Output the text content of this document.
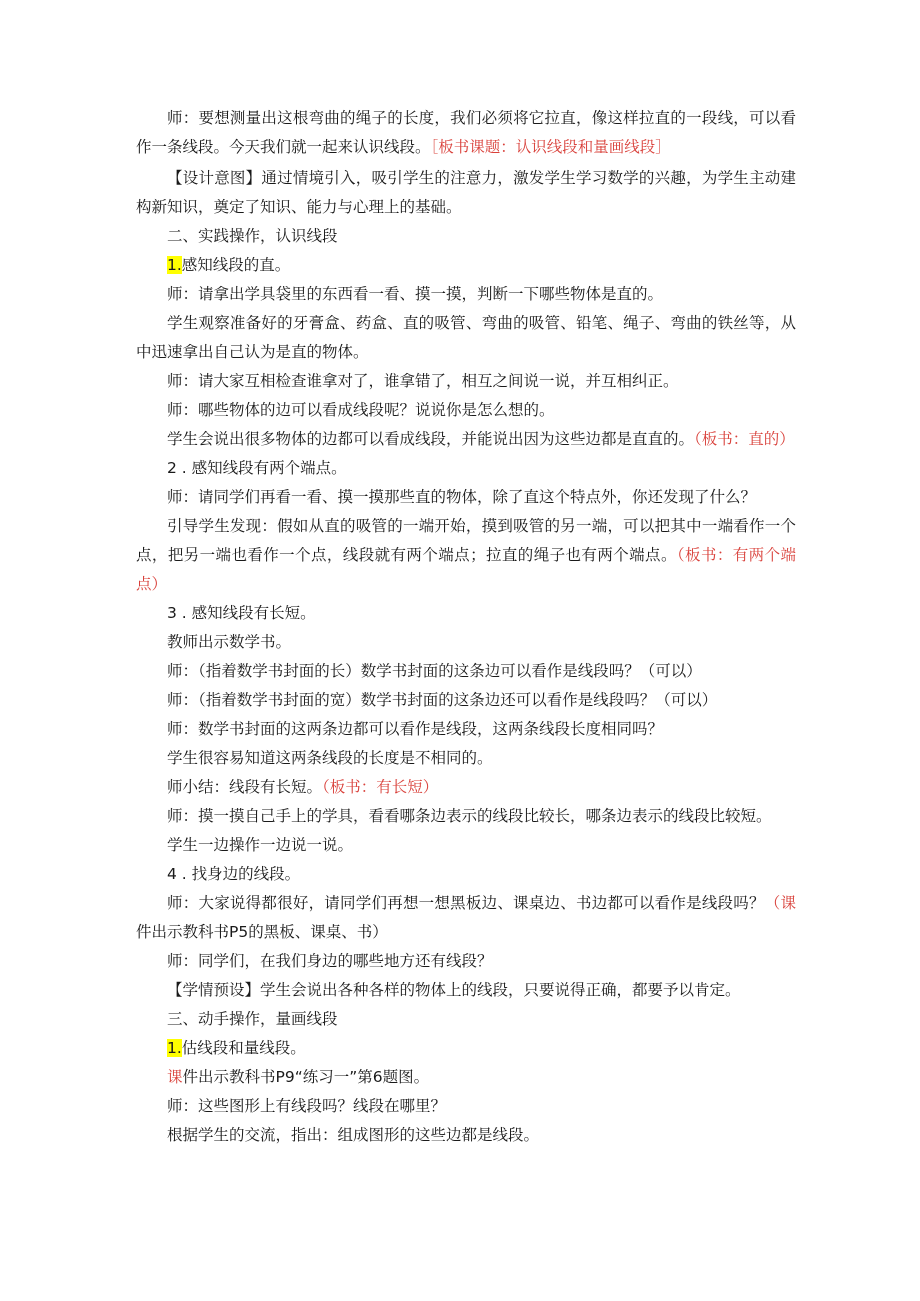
师：要想测量出这根弯曲的绳子的长度，我们必须将它拉直，像这样拉直的一段线，可以看作一条线段。今天我们就一起来认识线段。［板书课题：认识线段和量画线段］

【设计意图】通过情境引入，吸引学生的注意力，激发学生学习数学的兴趣，为学生主动建构新知识，奠定了知识、能力与心理上的基础。

二、实践操作，认识线段

1.感知线段的直。

师：请拿出学具袋里的东西看一看、摸一摸，判断一下哪些物体是直的。

学生观察准备好的牙膏盒、药盒、直的吸管、弯曲的吸管、铅笔、绳子、弯曲的铁丝等，从中迅速拿出自己认为是直的物体。

师：请大家互相检查谁拿对了，谁拿错了，相互之间说一说，并互相纠正。

师：哪些物体的边可以看成线段呢？说说你是怎么想的。

学生会说出很多物体的边都可以看成线段，并能说出因为这些边都是直直的。（板书：直的）

2 . 感知线段有两个端点。

师：请同学们再看一看、摸一摸那些直的物体，除了直这个特点外，你还发现了什么？

引导学生发现：假如从直的吸管的一端开始，摸到吸管的另一端，可以把其中一端看作一个点，把另一端也看作一个点，线段就有两个端点；拉直的绳子也有两个端点。（板书：有两个端点）

3 . 感知线段有长短。

教师出示数学书。

师：（指着数学书封面的长）数学书封面的这条边可以看作是线段吗？（可以）

师：（指着数学书封面的宽）数学书封面的这条边还可以看作是线段吗？（可以）

师：数学书封面的这两条边都可以看作是线段，这两条线段长度相同吗？

学生很容易知道这两条线段的长度是不相同的。

师小结：线段有长短。（板书：有长短）

师：摸一摸自己手上的学具，看看哪条边表示的线段比较长，哪条边表示的线段比较短。

学生一边操作一边说一说。

4 . 找身边的线段。

师：大家说得都很好，请同学们再想一想黑板边、课桌边、书边都可以看作是线段吗？（课件出示教科书P5的黑板、课桌、书）

师：同学们，在我们身边的哪些地方还有线段？

【学情预设】学生会说出各种各样的物体上的线段，只要说得正确，都要予以肯定。

三、动手操作，量画线段

1.估线段和量线段。

课件出示教科书P9“练习一”第6题图。

师：这些图形上有线段吗？线段在哪里？

根据学生的交流，指出：组成图形的这些边都是线段。
